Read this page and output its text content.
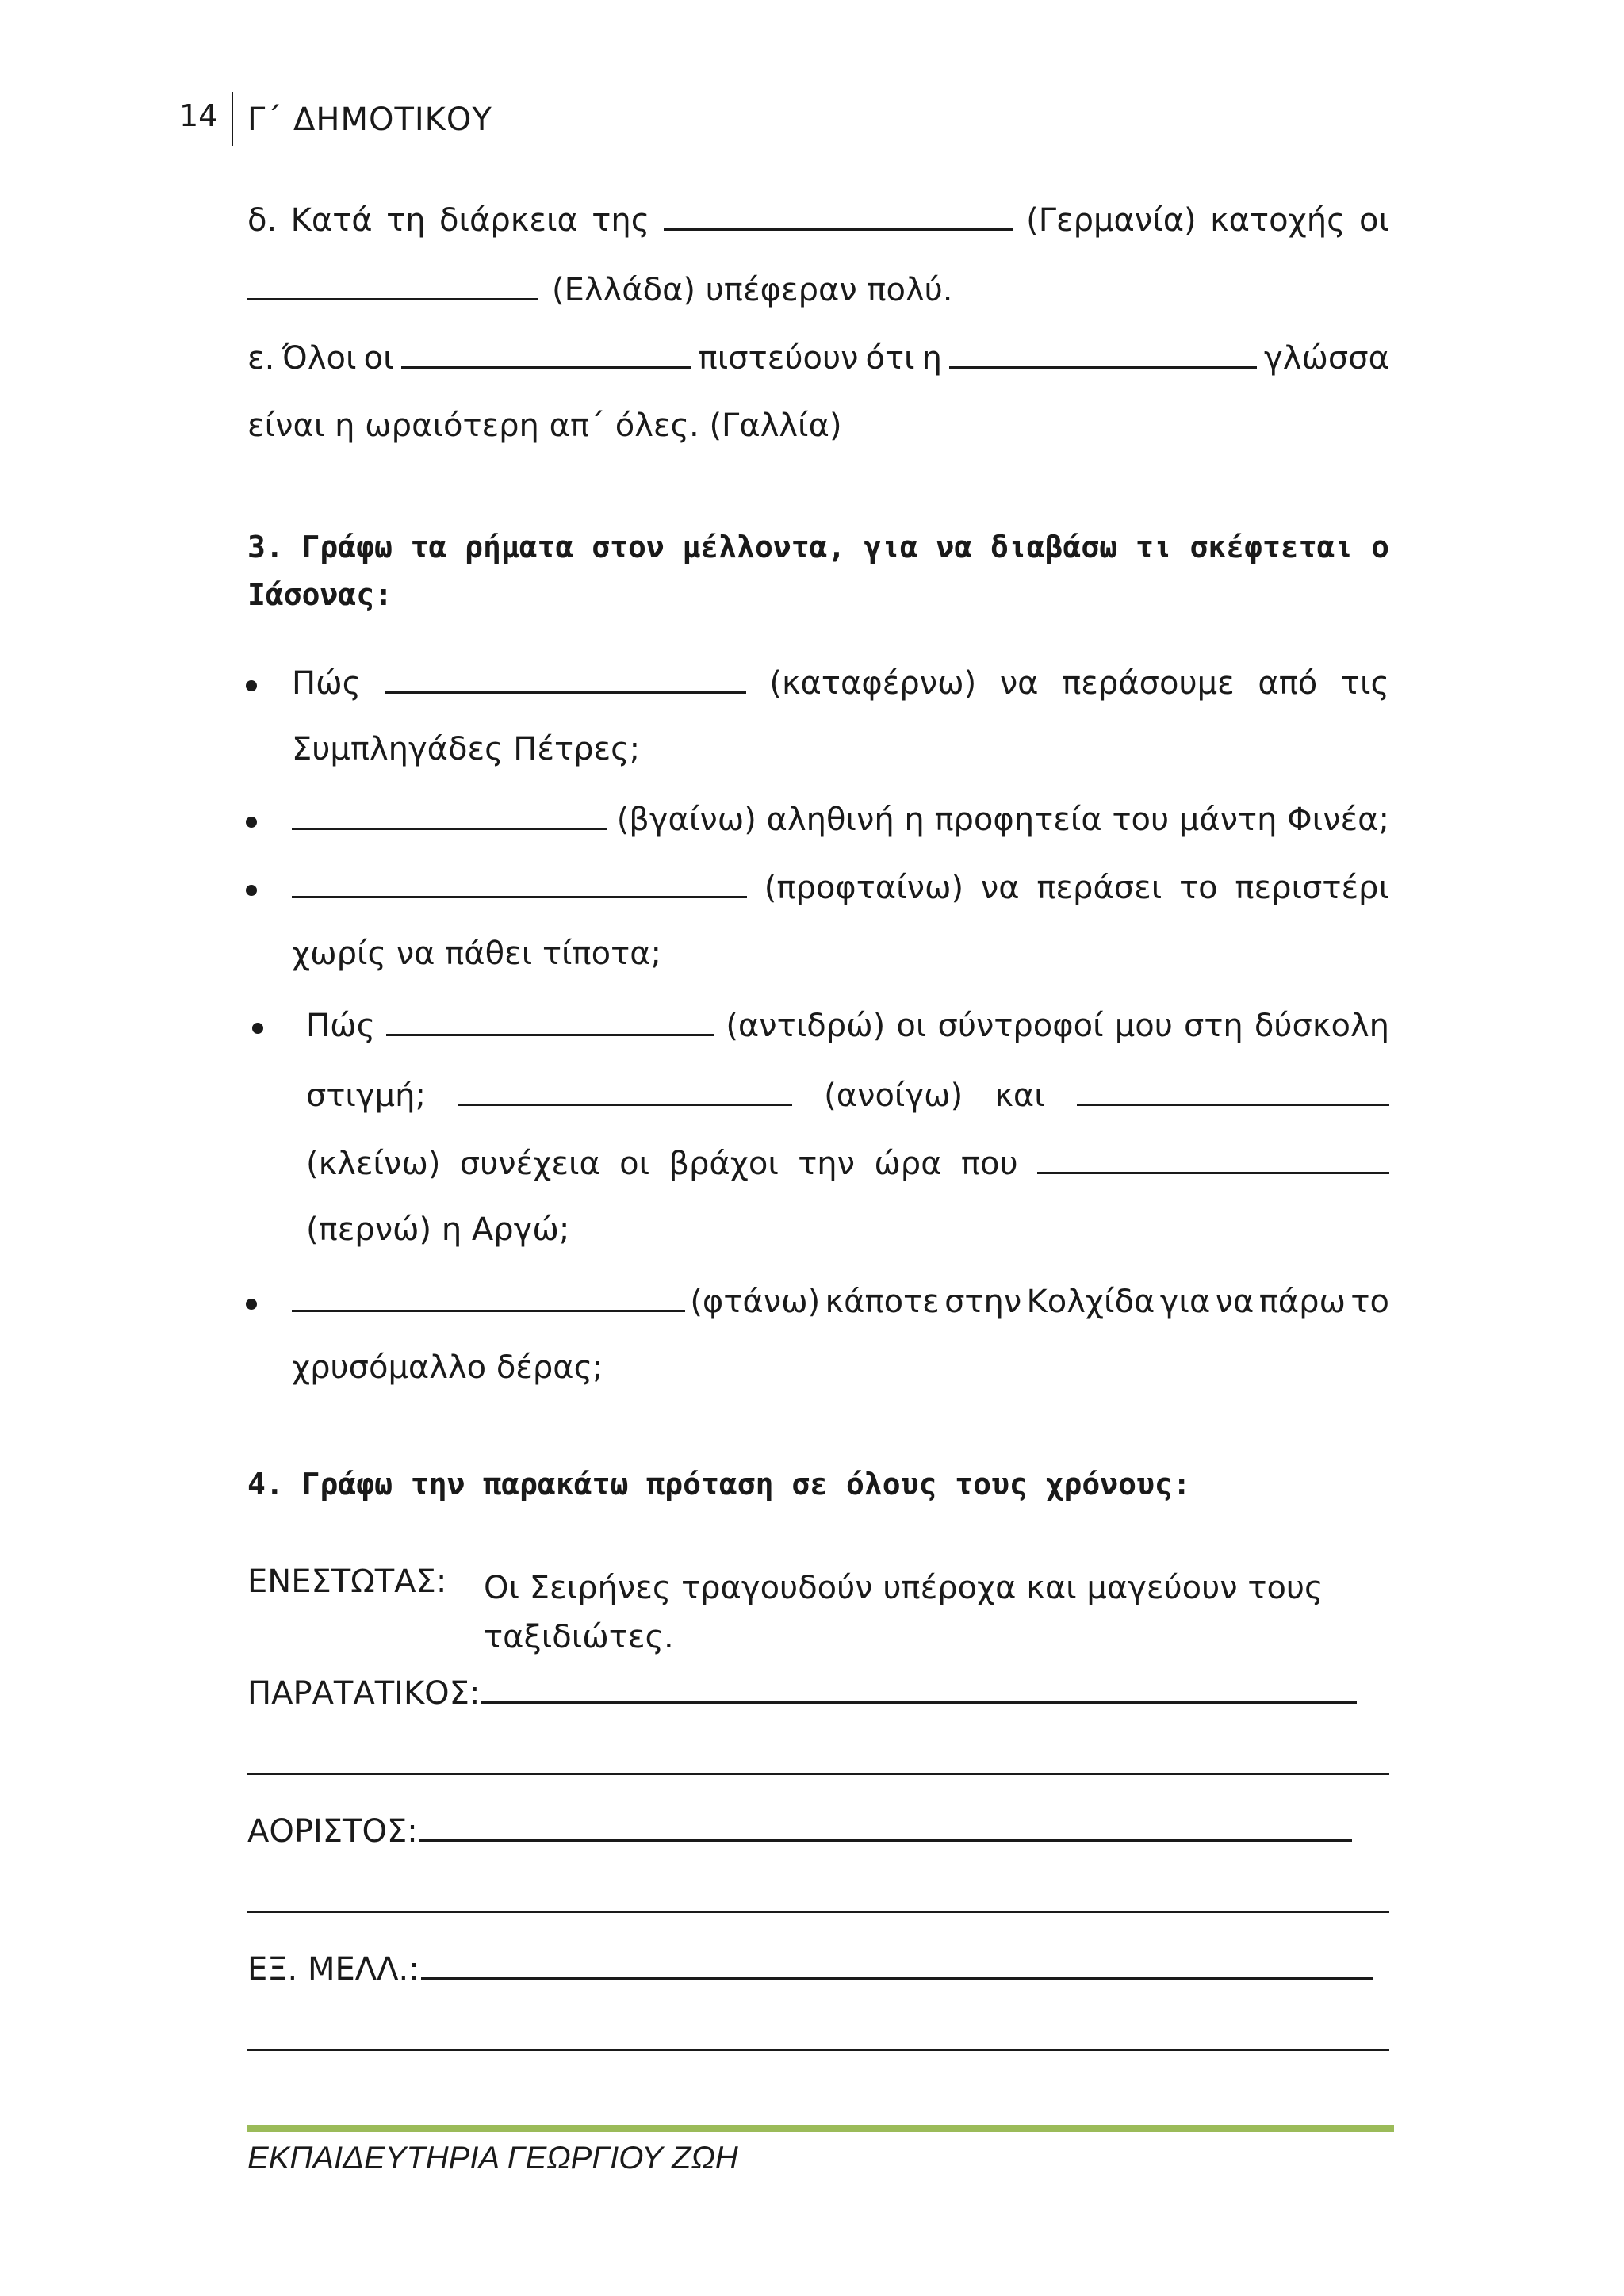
14 Γ΄ ΔΗΜΟΤΙΚΟΥ
δ. Κατά τη διάρκεια της	(Γερμανία) κατοχής οι
(Ελλάδα) υπέφεραν πολύ.
ε. Όλοι οι	πιστεύουν ότι η	γλώσσα
είναι η ωραιότερη απ΄ όλες. (Γαλλία)
3. Γράφω τα ρήματα στον μέλλοντα, για να διαβάσω τι σκέφτεται ο
Ιάσονας:
Πώς	(καταφέρνω) να περάσουμε από τις
Συμπληγάδες Πέτρες;
(βγαίνω) αληθινή η προφητεία του μάντη Φινέα;
(προφταίνω) να περάσει το περιστέρι
χωρίς να πάθει τίποτα;
Πώς	(αντιδρώ) οι σύντροφοί μου στη δύσκολη
στιγμή;	(ανοίγω) και
(κλείνω) συνέχεια οι βράχοι την ώρα που
(περνώ) η Αργώ;
(φτάνω) κάποτε στην Κολχίδα για να πάρω το
χρυσόμαλλο δέρας;
4. Γράφω την παρακάτω πρόταση σε όλους τους χρόνους:
ΕΝΕΣΤΩΤΑΣ: Οι Σειρήνες τραγουδούν υπέροχα και μαγεύουν τους ταξιδιώτες.
ΠΑΡΑΤΑΤΙΚΟΣ:
ΑΟΡΙΣΤΟΣ:
ΕΞ. ΜΕΛΛ.:
ΕΚΠΑΙΔΕΥΤΗΡΙΑ ΓΕΩΡΓΙΟΥ ΖΩΗ
